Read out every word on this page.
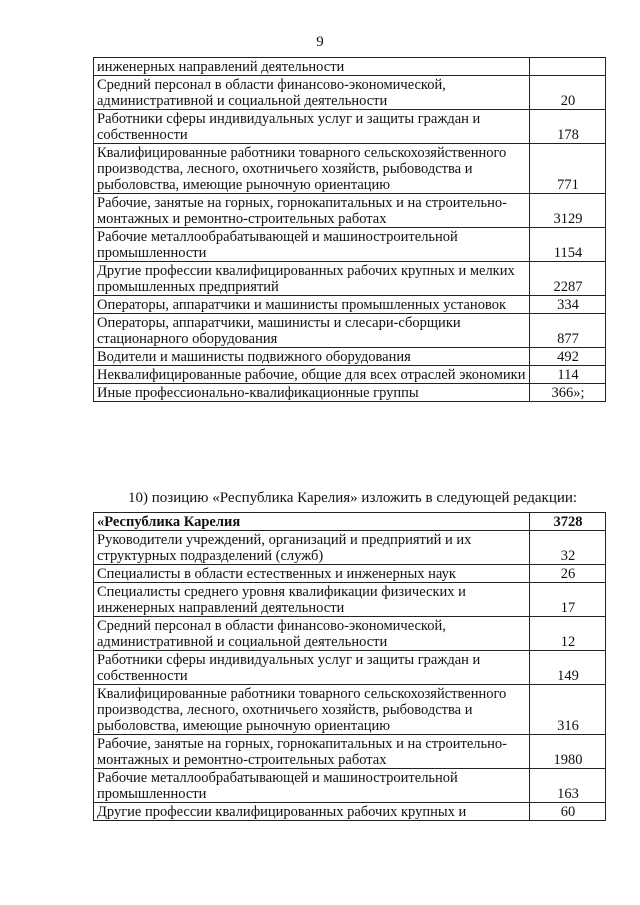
9
инженерных направлений деятельности	
Средний персонал в области финансово-экономической, административной и социальной деятельности	20
Работники сферы индивидуальных услуг и защиты граждан и собственности	178
Квалифицированные работники товарного сельскохозяйственного производства, лесного, охотничьего хозяйств, рыбоводства и рыболовства, имеющие рыночную ориентацию	771
Рабочие, занятые на горных, горнокапитальных и на строительно-монтажных и ремонтно-строительных работах	3129
Рабочие металлообрабатывающей и машиностроительной промышленности	1154
Другие профессии квалифицированных рабочих крупных и мелких промышленных предприятий	2287
Операторы, аппаратчики и машинисты промышленных установок	334
Операторы, аппаратчики, машинисты и слесари-сборщики стационарного оборудования	877
Водители и машинисты подвижного оборудования	492
Неквалифицированные рабочие, общие для всех отраслей экономики	114
Иные профессионально-квалификационные группы	366»;
10) позицию «Республика Карелия» изложить в следующей редакции:
«Республика Карелия	3728
Руководители учреждений, организаций и предприятий и их структурных подразделений (служб)	32
Специалисты в области естественных и инженерных наук	26
Специалисты среднего уровня квалификации физических и инженерных направлений деятельности	17
Средний персонал в области финансово-экономической, административной и социальной деятельности	12
Работники сферы индивидуальных услуг и защиты граждан и собственности	149
Квалифицированные работники товарного сельскохозяйственного производства, лесного, охотничьего хозяйств, рыбоводства и рыболовства, имеющие рыночную ориентацию	316
Рабочие, занятые на горных, горнокапитальных и на строительно-монтажных и ремонтно-строительных работах	1980
Рабочие металлообрабатывающей и машиностроительной промышленности	163
Другие профессии квалифицированных рабочих крупных и	60
